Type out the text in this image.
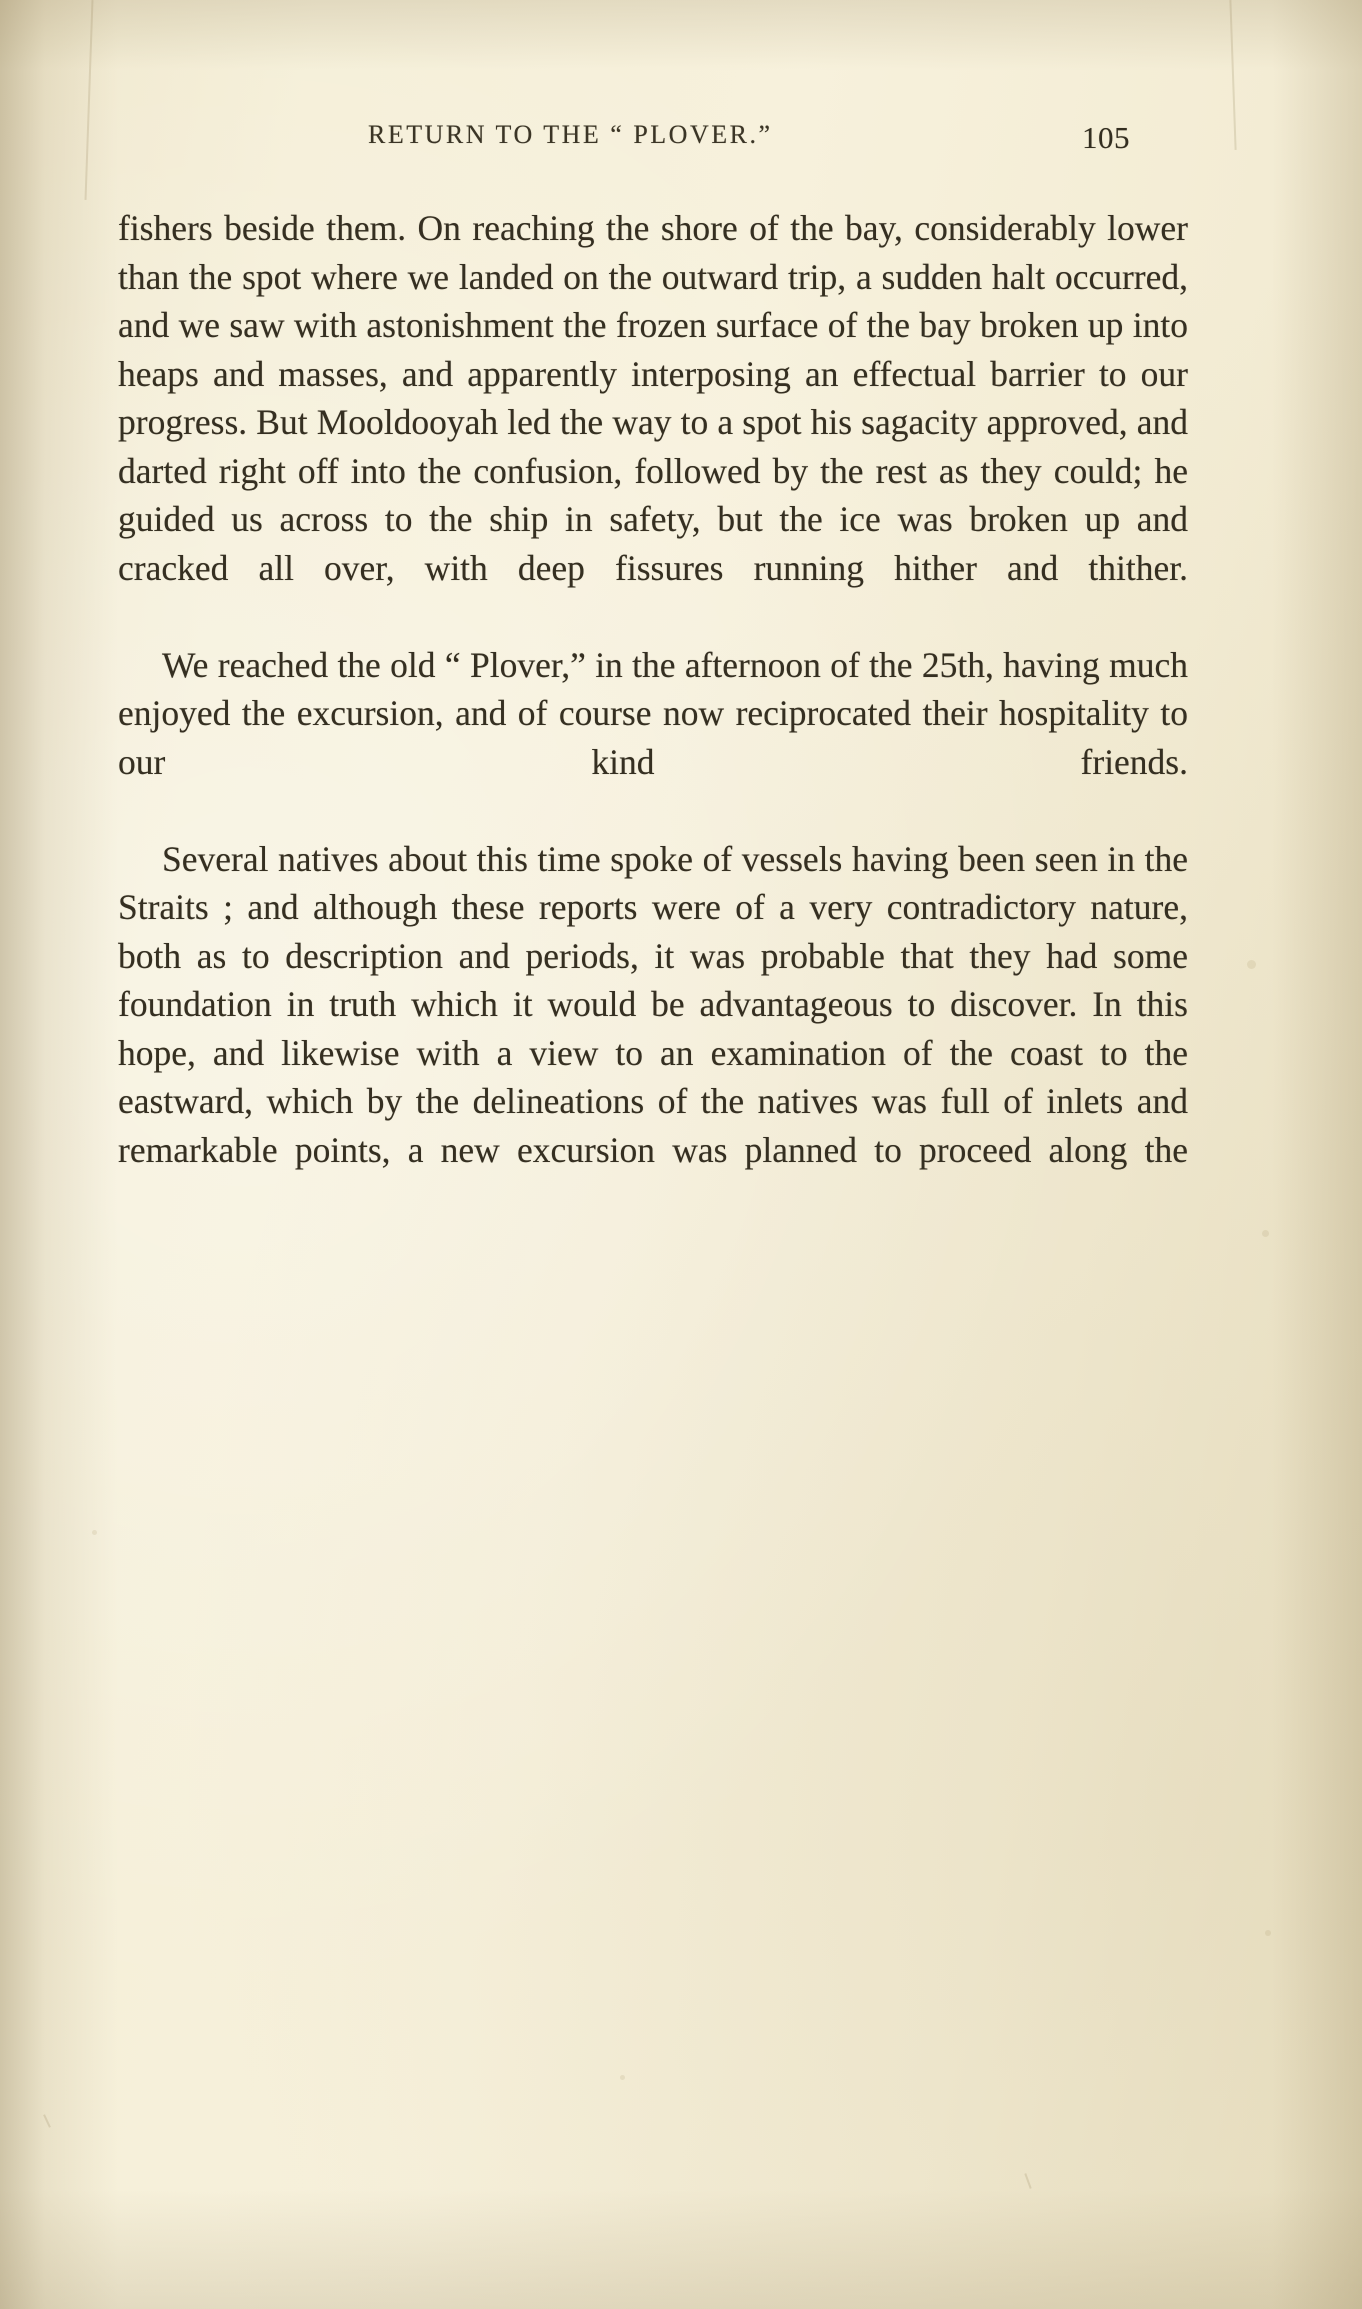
RETURN TO THE “ PLOVER.”	105

fishers beside them. On reaching the shore of the bay, considerably lower than the spot where we landed on the outward trip, a sudden halt occurred, and we saw with astonishment the frozen surface of the bay broken up into heaps and masses, and apparently interposing an effectual barrier to our progress. But Mooldooyah led the way to a spot his sagacity approved, and darted right off into the confusion, followed by the rest as they could; he guided us across to the ship in safety, but the ice was broken up and cracked all over, with deep fissures running hither and thither.

We reached the old “ Plover,” in the afternoon of the 25th, having much enjoyed the excursion, and of course now reciprocated their hospitality to our kind friends.

Several natives about this time spoke of vessels having been seen in the Straits ; and although these reports were of a very contradictory nature, both as to description and periods, it was probable that they had some foundation in truth which it would be advantageous to discover. In this hope, and likewise with a view to an examination of the coast to the eastward, which by the delineations of the natives was full of inlets and remarkable points, a new excursion was planned to proceed along the
